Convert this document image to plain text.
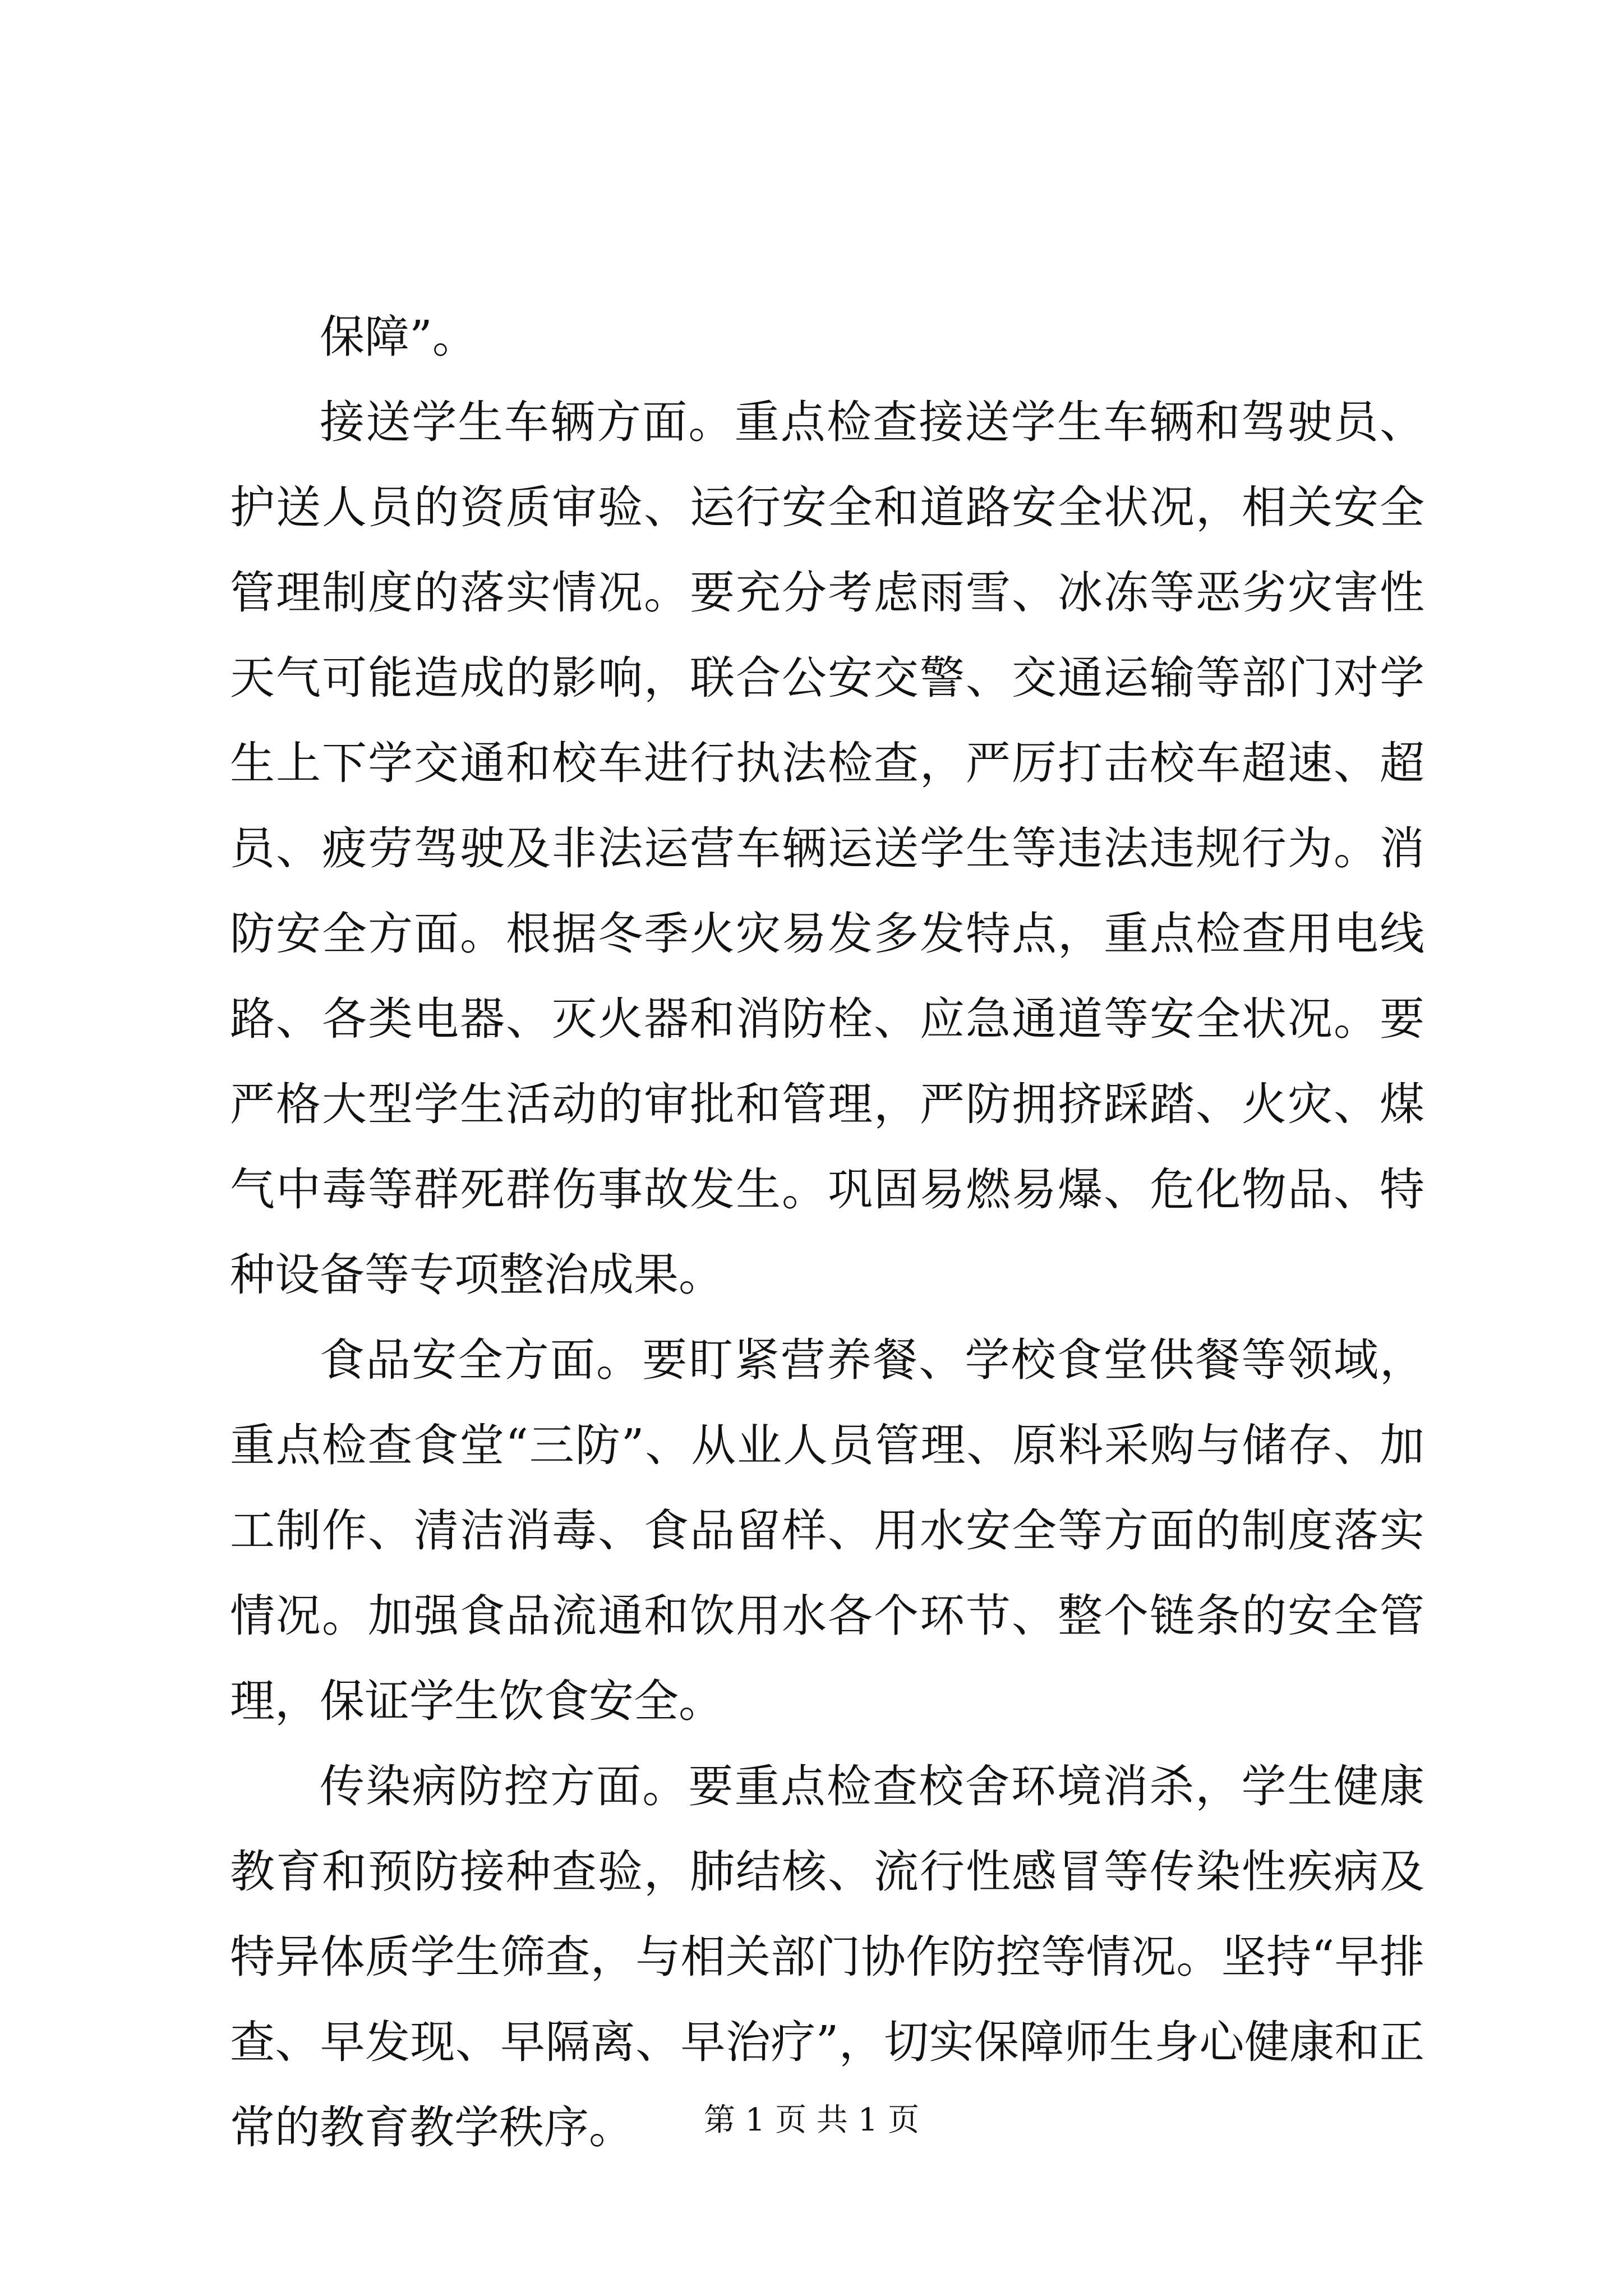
保障”。

接送学生车辆方面。重点检查接送学生车辆和驾驶员、护送人员的资质审验、运行安全和道路安全状况，相关安全管理制度的落实情况。要充分考虑雨雪、冰冻等恶劣灾害性天气可能造成的影响，联合公安交警、交通运输等部门对学生上下学交通和校车进行执法检查，严厉打击校车超速、超员、疲劳驾驶及非法运营车辆运送学生等违法违规行为。消防安全方面。根据冬季火灾易发多发特点，重点检查用电线路、各类电器、灭火器和消防栓、应急通道等安全状况。要严格大型学生活动的审批和管理，严防拥挤踩踏、火灾、煤气中毒等群死群伤事故发生。巩固易燃易爆、危化物品、特种设备等专项整治成果。

食品安全方面。要盯紧营养餐、学校食堂供餐等领域，重点检查食堂“三防”、从业人员管理、原料采购与储存、加工制作、清洁消毒、食品留样、用水安全等方面的制度落实情况。加强食品流通和饮用水各个环节、整个链条的安全管理，保证学生饮食安全。

传染病防控方面。要重点检查校舍环境消杀，学生健康教育和预防接种查验，肺结核、流行性感冒等传染性疾病及特异体质学生筛查，与相关部门协作防控等情况。坚持“早排查、早发现、早隔离、早治疗”，切实保障师生身心健康和正常的教育教学秩序。	第 1 页 共 1 页
